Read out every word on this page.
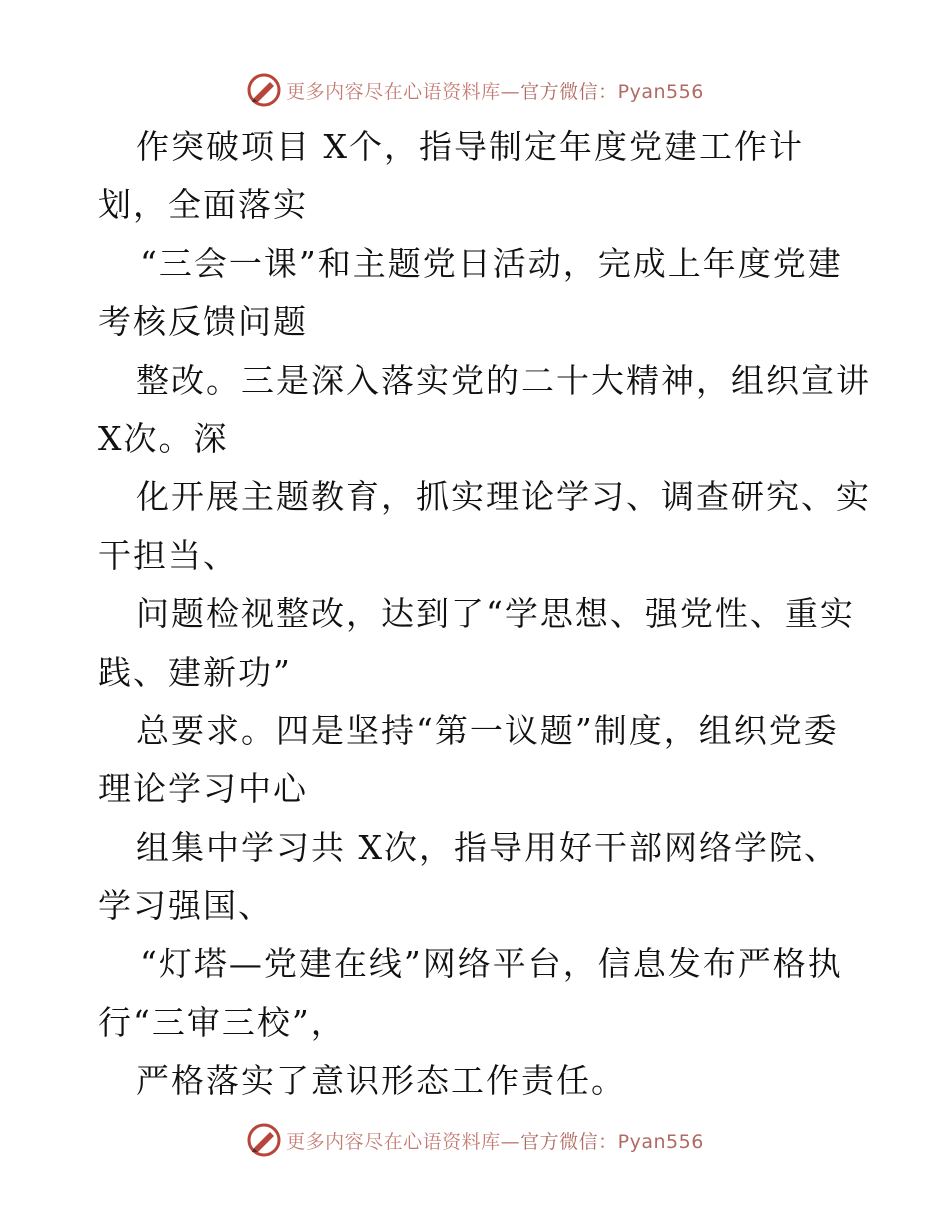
更多内容尽在心语资料库— 官方微信：Pyan556
作突破项目 X个，指导制定年度党建工作计
划，全面落实
“三会一课”和主题党日活动，完成上年度党建
考核反馈问题
整改。三是深入落实党的二十大精神，组织宣讲
X次。深
化开展主题教育，抓实理论学习、调查研究、实
干担当、
问题检视整改，达到了“学思想、强党性、重实
践、建新功”
总要求。四是坚持“第一议题”制度，组织党委
理论学习中心
组集中学习共 X次，指导用好干部网络学院、
学习强国、
“灯塔—党建在线”网络平台，信息发布严格执
行“三审三校”，
严格落实了意识形态工作责任。
更多内容尽在心语资料库— 官方微信：Pyan556
